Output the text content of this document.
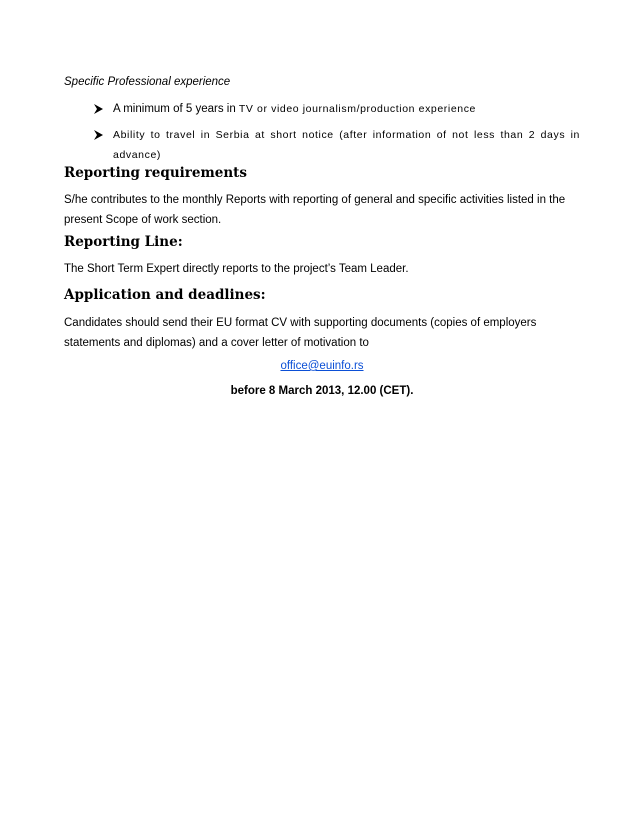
Specific Professional experience
A minimum of 5 years in TV or video journalism/production experience
Ability to travel in Serbia at short notice (after information of not less than 2 days in advance)
Reporting requirements
S/he contributes to the monthly Reports with reporting of general and specific activities listed in the present Scope of work section.
Reporting Line:
The Short Term Expert directly reports to the project’s Team Leader.
Application and deadlines:
Candidates should send their EU format CV with supporting documents (copies of employers statements and diplomas) and a cover letter of motivation to
office@euinfo.rs
before 8 March 2013, 12.00 (CET).
